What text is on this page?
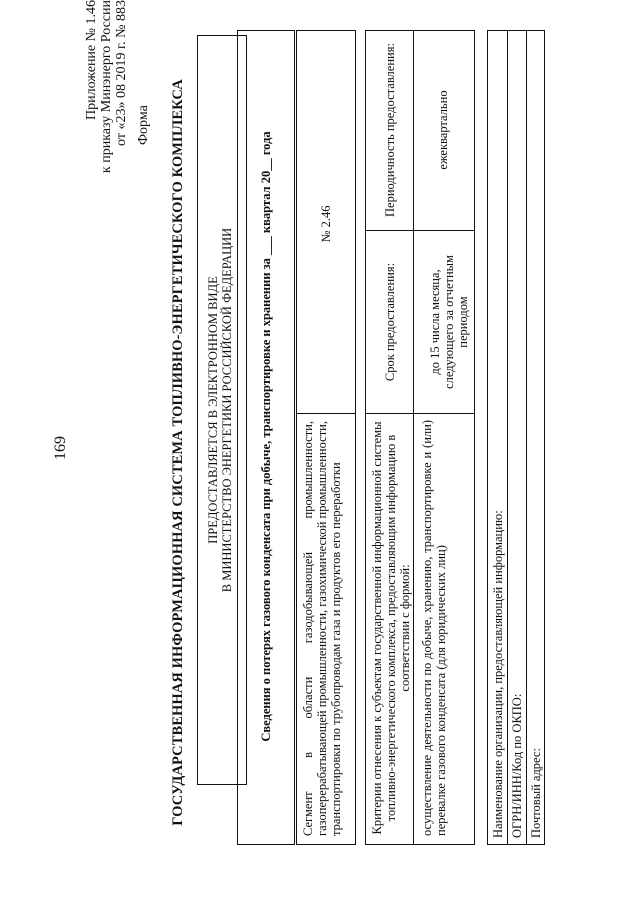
169
Приложение № 1.46 к приказу Минэнерго России от «23» 08 2019 г. № 883 Форма ГОСУДАРСТВЕННАЯ ИНФОРМАЦИОННАЯ СИСТЕМА ТОПЛИВНО-ЭНЕРГЕТИЧЕСКОГО КОМПЛЕКСА ПРЕДОСТАВЛЯЕТСЯ В ЭЛЕКТРОННОМ ВИДЕ В МИНИСТЕРСТВО ЭНЕРГЕТИКИ РОССИЙСКОЙ ФЕДЕРАЦИИ Сведения о потерях газового конденсата при добыче, транспортировке и хранении за ___ квартал 20__ года Сегмент в области газодобывающей промышленности, газоперерабатывающей промышленности, газохимической промышленности, транспортировки по трубопроводам газа и продуктов его переработки
№ 2.46
Критерии отнесения к субъектам государственной информационной системы топливно-энергетического комплекса, предоставляющим информацию в соответствии с формой:
Срок предоставления:
Периодичность предоставления:
осуществление деятельности по добыче, хранению, транспортировке и (или) перевалке газового конденсата (для юридических лиц)
до 15 числа месяца, следующего за отчетным периодом
ежеквартально
Наименование организации, предоставляющей информацию: ОГРН/ИНН/Код по ОКПО: Почтовый адрес:
